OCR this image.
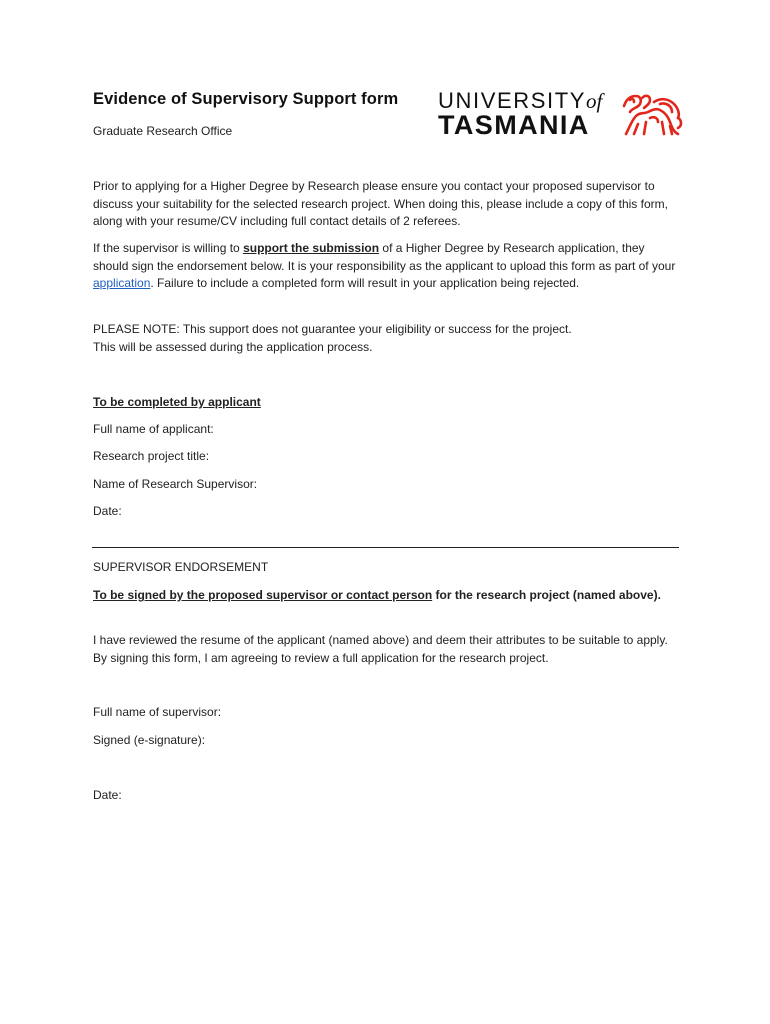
Evidence of Supervisory Support form
Graduate Research Office
UNIVERSITYof
TASMANIA

Prior to applying for a Higher Degree by Research please ensure you contact your proposed supervisor to discuss your suitability for the selected research project. When doing this, please include a copy of this form, along with your resume/CV including full contact details of 2 referees.

If the supervisor is willing to support the submission of a Higher Degree by Research application, they should sign the endorsement below. It is your responsibility as the applicant to upload this form as part of your application. Failure to include a completed form will result in your application being rejected.

PLEASE NOTE: This support does not guarantee your eligibility or success for the project.
This will be assessed during the application process.

To be completed by applicant
Full name of applicant:
Research project title:
Name of Research Supervisor:
Date:
SUPERVISOR ENDORSEMENT

To be signed by the proposed supervisor or contact person for the research project (named above).

I have reviewed the resume of the applicant (named above) and deem their attributes to be suitable to apply. By signing this form, I am agreeing to review a full application for the research project.

Full name of supervisor:
Signed (e-signature):
Date:
